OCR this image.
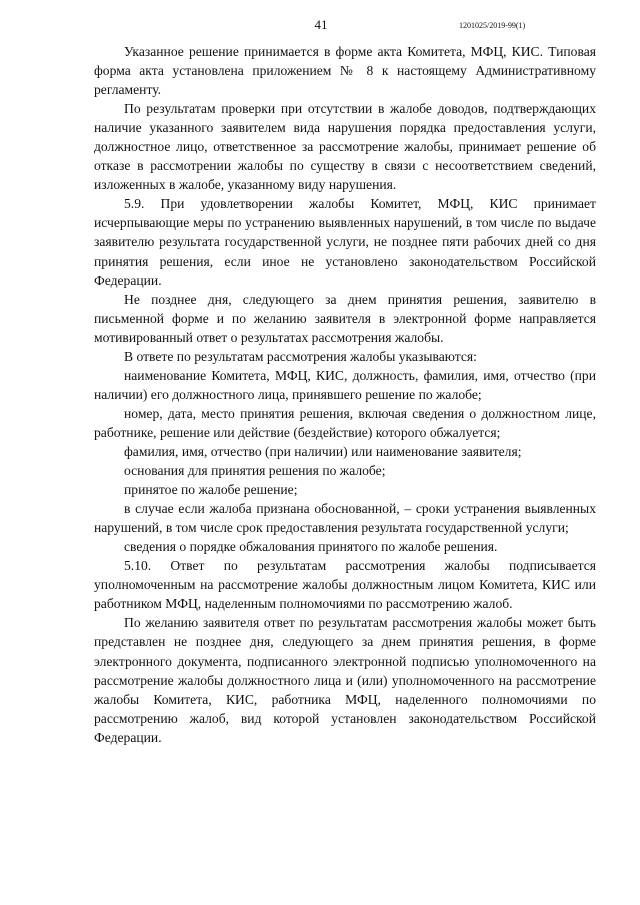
41	1201025/2019-99(1)

Указанное решение принимается в форме акта Комитета, МФЦ, КИС. Типовая форма акта установлена приложением № 8 к настоящему Административному регламенту.

По результатам проверки при отсутствии в жалобе доводов, подтверждающих наличие указанного заявителем вида нарушения порядка предоставления услуги, должностное лицо, ответственное за рассмотрение жалобы, принимает решение об отказе в рассмотрении жалобы по существу в связи с несоответствием сведений, изложенных в жалобе, указанному виду нарушения.

5.9. При удовлетворении жалобы Комитет, МФЦ, КИС принимает исчерпывающие меры по устранению выявленных нарушений, в том числе по выдаче заявителю результата государственной услуги, не позднее пяти рабочих дней со дня принятия решения, если иное не установлено законодательством Российской Федерации.

Не позднее дня, следующего за днем принятия решения, заявителю в письменной форме и по желанию заявителя в электронной форме направляется мотивированный ответ о результатах рассмотрения жалобы.

В ответе по результатам рассмотрения жалобы указываются:

наименование Комитета, МФЦ, КИС, должность, фамилия, имя, отчество (при наличии) его должностного лица, принявшего решение по жалобе;

номер, дата, место принятия решения, включая сведения о должностном лице, работнике, решение или действие (бездействие) которого обжалуется;

фамилия, имя, отчество (при наличии) или наименование заявителя;

основания для принятия решения по жалобе;

принятое по жалобе решение;

в случае если жалоба признана обоснованной, – сроки устранения выявленных нарушений, в том числе срок предоставления результата государственной услуги;

сведения о порядке обжалования принятого по жалобе решения.

5.10. Ответ по результатам рассмотрения жалобы подписывается уполномоченным на рассмотрение жалобы должностным лицом Комитета, КИС или работником МФЦ, наделенным полномочиями по рассмотрению жалоб.

По желанию заявителя ответ по результатам рассмотрения жалобы может быть представлен не позднее дня, следующего за днем принятия решения, в форме электронного документа, подписанного электронной подписью уполномоченного на рассмотрение жалобы должностного лица и (или) уполномоченного на рассмотрение жалобы Комитета, КИС, работника МФЦ, наделенного полномочиями по рассмотрению жалоб, вид которой установлен законодательством Российской Федерации.
